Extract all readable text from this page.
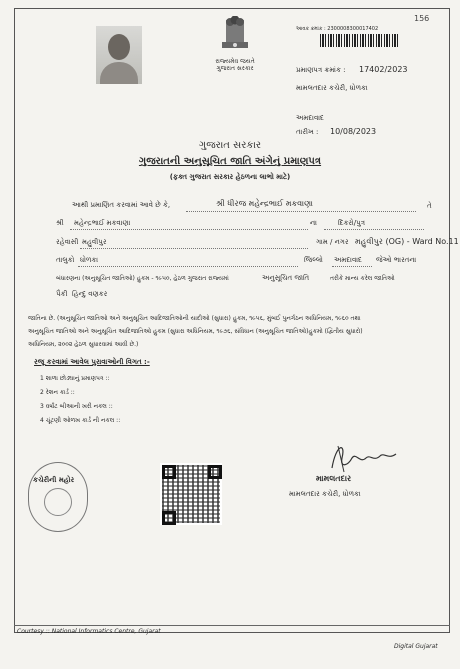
156
રાજ્યમેવ જયતે
ગુજરાત સરકાર
આવક ક્રમાંક : 2300008300017402
પ્રમાણપત્ર ક્રમાંક : 17402/2023
મામલતદાર કચેરી, ધોળકા
અમદાવાદ
તારીખ : 10/08/2023
ગુજરાત સરકાર
ગુજરાતની અનુસૂચિત જાતિ અંગેનું પ્રમાણપત્ર
(ફક્ત ગુજરાત સરકાર હેઠળના લાભો માટે)
આથી પ્રમાણિત કરવામાં આવે છે કે,	શ્રી ધીરજ મહેન્દ્રભાઈ મકવાણા	તે
શ્રી મહેન્દ્રભાઈ મકવાણા	ના	દિકરો/પુત્ર
રહેવાસી મહુવીપુર	ગામ / નગર મહુવીપુર (OG) - Ward No.11
તાલુકો ધોળકા	જિલ્લો અમદાવાદ જેઓ ભારતના
બંધારણના (અનુસૂચિત જાતિઓ) હુકમ - ૧૯૫૦, હેઠળ ગુજરાત રાજ્યમાં	અનુસૂચિત જાતિ	તરીકે માન્ય કરેલ જાતિઓ
પૈકી હિન્દુ વણકર
જાતિના છે. (અનુસૂચિત જાતિઓ અને અનુસૂચિત આદિજાતિઓની યાદીઓ (સુધારા) હુકમ, ૧૯૫૬, મુંબઈ પુનર્ગઠન અધિનિયમ, ૧૯૬૦ તથા
અનુસૂચિત જાતિઓ અને અનુસૂચિત આદિજાતિઓ હુકમ (સુધારા અધિનિયમ, ૧૯૭૬, સંવિધાન (અનુસૂચિત જાતિઓ)હુકમો (દ્વિતીય સુધારો)
અધિનિયમ, ૨૦૦૨ હેઠળ સુધારવામાં આવી છે.)
રજૂ કરવામાં આવેલ પુરાવાઓની વિગત :-
1 શાળા છોડ્યાનું પ્રમાણપત્ર ::
2 રેશન કાર્ડ ::
3 વર્ષાંટ બીઆની ખરી નકલ ::
4 ચૂંટણી ઓળખ કાર્ડ ની નકલ ::
કચેરીની મહોર	મામલતદાર
મામલતદાર કચેરી, ધોળકા
Courtesy :: National Informatics Centre, Gujarat
Digital Gujarat
